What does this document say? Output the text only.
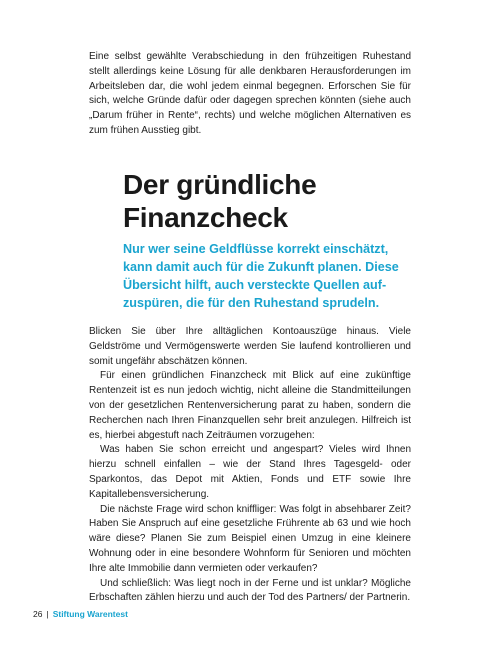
Eine selbst gewählte Verabschiedung in den frühzeitigen Ruhestand stellt allerdings keine Lösung für alle denkbaren Herausforderungen im Arbeitsleben dar, die wohl jedem einmal begegnen. Erforschen Sie für sich, welche Gründe dafür oder dagegen sprechen könnten (siehe auch „Darum früher in Rente“, rechts) und welche möglichen Alternativen es zum frühen Ausstieg gibt.

Der gründliche
Finanzcheck
Nur wer seine Geldflüsse korrekt einschätzt,
kann damit auch für die Zukunft planen. Diese
Übersicht hilft, auch versteckte Quellen auf-
zuspüren, die für den Ruhestand sprudeln.

Blicken Sie über Ihre alltäglichen Kontoauszüge hinaus. Viele Geldströme und Vermögenswerte werden Sie laufend kontrollieren und somit ungefähr abschätzen können.

Für einen gründlichen Finanzcheck mit Blick auf eine zukünftige Rentenzeit ist es nun jedoch wichtig, nicht alleine die Standmitteilungen von der gesetzlichen Rentenversicherung parat zu haben, sondern die Recherchen nach Ihren Finanzquellen sehr breit anzulegen. Hilfreich ist es, hierbei abgestuft nach Zeiträumen vorzugehen:

Was haben Sie schon erreicht und angespart? Vieles wird Ihnen hierzu schnell einfallen – wie der Stand Ihres Tagesgeld- oder Sparkontos, das Depot mit Aktien, Fonds und ETF sowie Ihre Kapitallebensversicherung.

Die nächste Frage wird schon kniffliger: Was folgt in absehbarer Zeit? Haben Sie Anspruch auf eine gesetzliche Frührente ab 63 und wie hoch wäre diese? Planen Sie zum Beispiel einen Umzug in eine kleinere Wohnung oder in eine besondere Wohnform für Senioren und möchten Ihre alte Immobilie dann vermieten oder verkaufen?

Und schließlich: Was liegt noch in der Ferne und ist unklar? Mögliche Erbschaften zählen hierzu und auch der Tod des Partners/ der Partnerin.

26 | Stiftung Warentest
